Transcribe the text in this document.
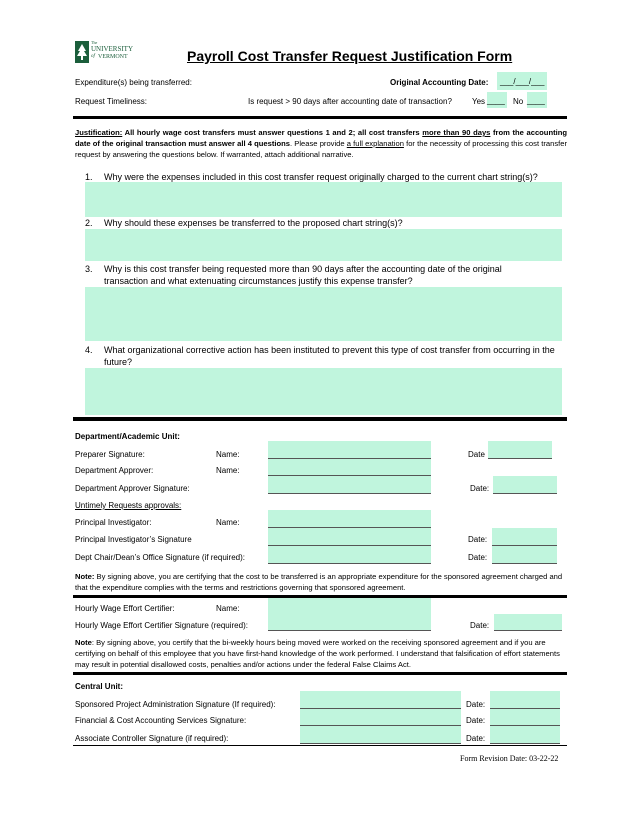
The
UNIVERSITY
of VERMONT	Payroll Cost Transfer Request Justification Form
Expenditure(s) being transferred:	Original Accounting Date: ___/___/___
Request Timeliness:	Is request > 90 days after accounting date of transaction?	Yes ____ No ____
Justification: All hourly wage cost transfers must answer questions 1 and 2; all cost transfers more than 90 days from the accounting date of the original transaction must answer all 4 questions. Please provide a full explanation for the necessity of processing this cost transfer request by answering the questions below. If warranted, attach additional narrative.
1. Why were the expenses included in this cost transfer request originally charged to the current chart string(s)?
2. Why should these expenses be transferred to the proposed chart string(s)?
3. Why is this cost transfer being requested more than 90 days after the accounting date of the original transaction and what extenuating circumstances justify this expense transfer?
4. What organizational corrective action has been instituted to prevent this type of cost transfer from occurring in the future?
Department/Academic Unit:
Preparer Signature:	Name:	Date
Department Approver:	Name:
Department Approver Signature:	Date:
Untimely Requests approvals:
Principal Investigator:	Name:
Principal Investigator’s Signature	Date:
Dept Chair/Dean’s Office Signature (if required):	Date:
Note: By signing above, you are certifying that the cost to be transferred is an appropriate expenditure for the sponsored agreement charged and that the expenditure complies with the terms and restrictions governing that sponsored agreement.
Hourly Wage Effort Certifier:	Name:
Hourly Wage Effort Certifier Signature (required):	Date:
Note: By signing above, you certify that the bi-weekly hours being moved were worked on the receiving sponsored agreement and if you are certifying on behalf of this employee that you have first-hand knowledge of the work performed. I understand that falsification of effort statements may result in potential disallowed costs, penalties and/or actions under the federal False Claims Act.
Central Unit:
Sponsored Project Administration Signature (If required):	Date:
Financial & Cost Accounting Services Signature:	Date:
Associate Controller Signature (if required):	Date:
Form Revision Date: 03-22-22
